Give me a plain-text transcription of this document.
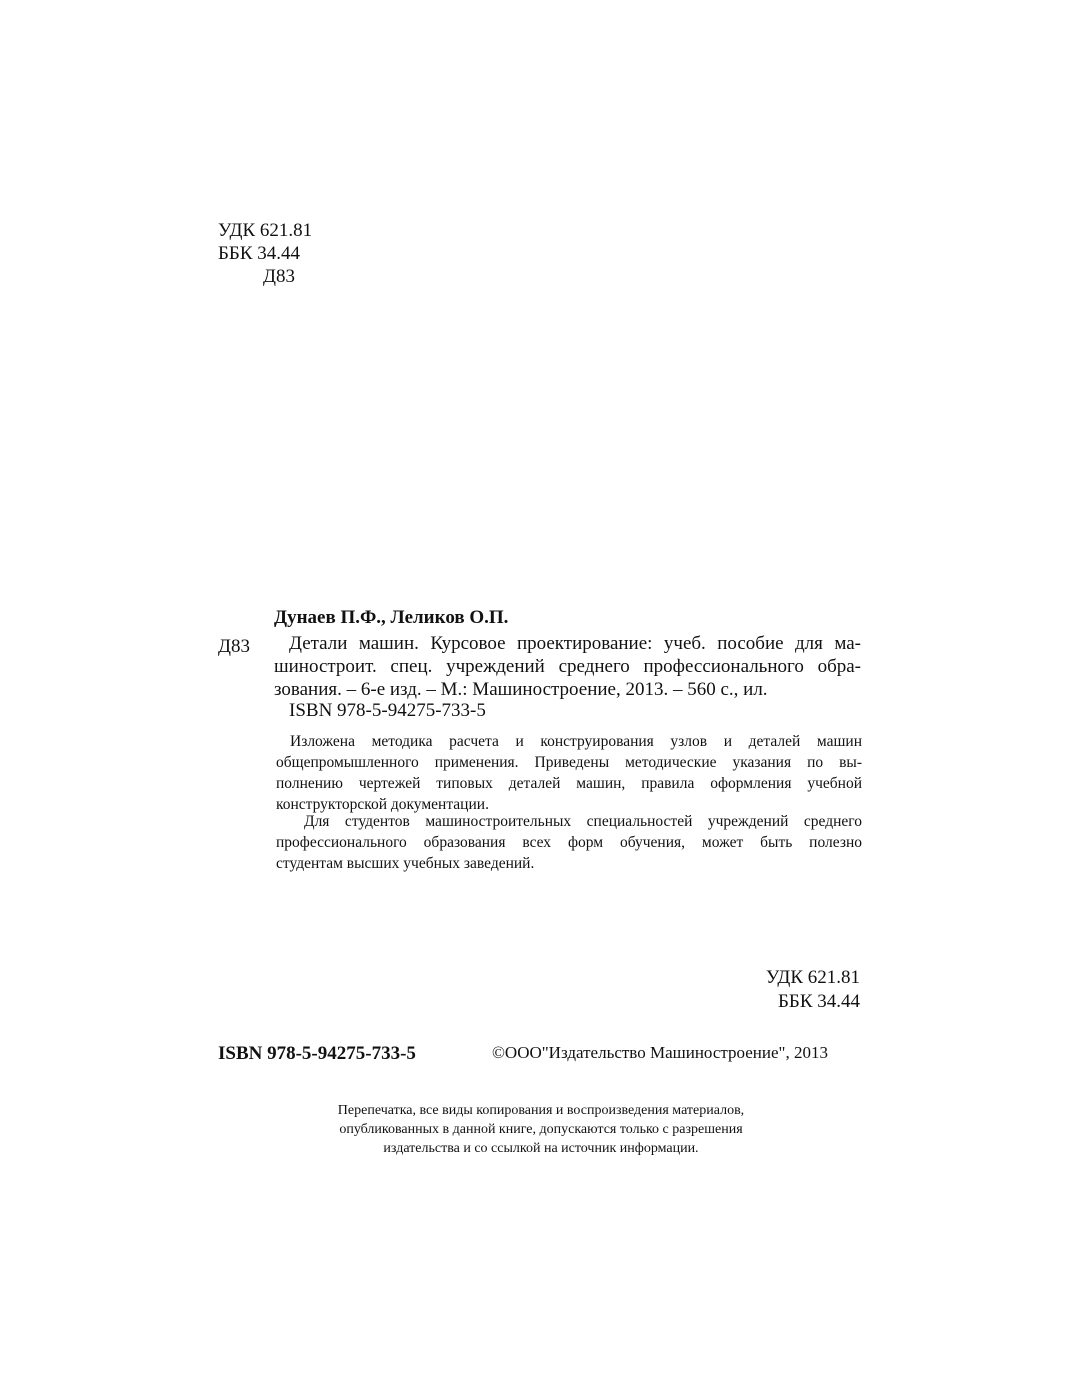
УДК 621.81
ББК 34.44
Д83
Дунаев П.Ф., Леликов О.П.
Д83 Детали машин. Курсовое проектирование: учеб. пособие для ма-
шиностроит. спец. учреждений среднего профессионального обра-
зования. – 6-е изд. – М.: Машиностроение, 2013. – 560 с., ил.
ISBN 978-5-94275-733-5
Изложена методика расчета и конструирования узлов и деталей машин
общепромышленного применения. Приведены методические указания по вы-
полнению чертежей типовых деталей машин, правила оформления учебной
конструкторской документации.
Для студентов машиностроительных специальностей учреждений среднего
профессионального образования всех форм обучения, может быть полезно
студентам высших учебных заведений.
УДК 621.81
ББК 34.44
ISBN 978-5-94275-733-5	©ООО"Издательство Машиностроение", 2013
Перепечатка, все виды копирования и воспроизведения материалов, опубликованных в данной книге, допускаются только с разрешения издательства и со ссылкой на источник информации.
